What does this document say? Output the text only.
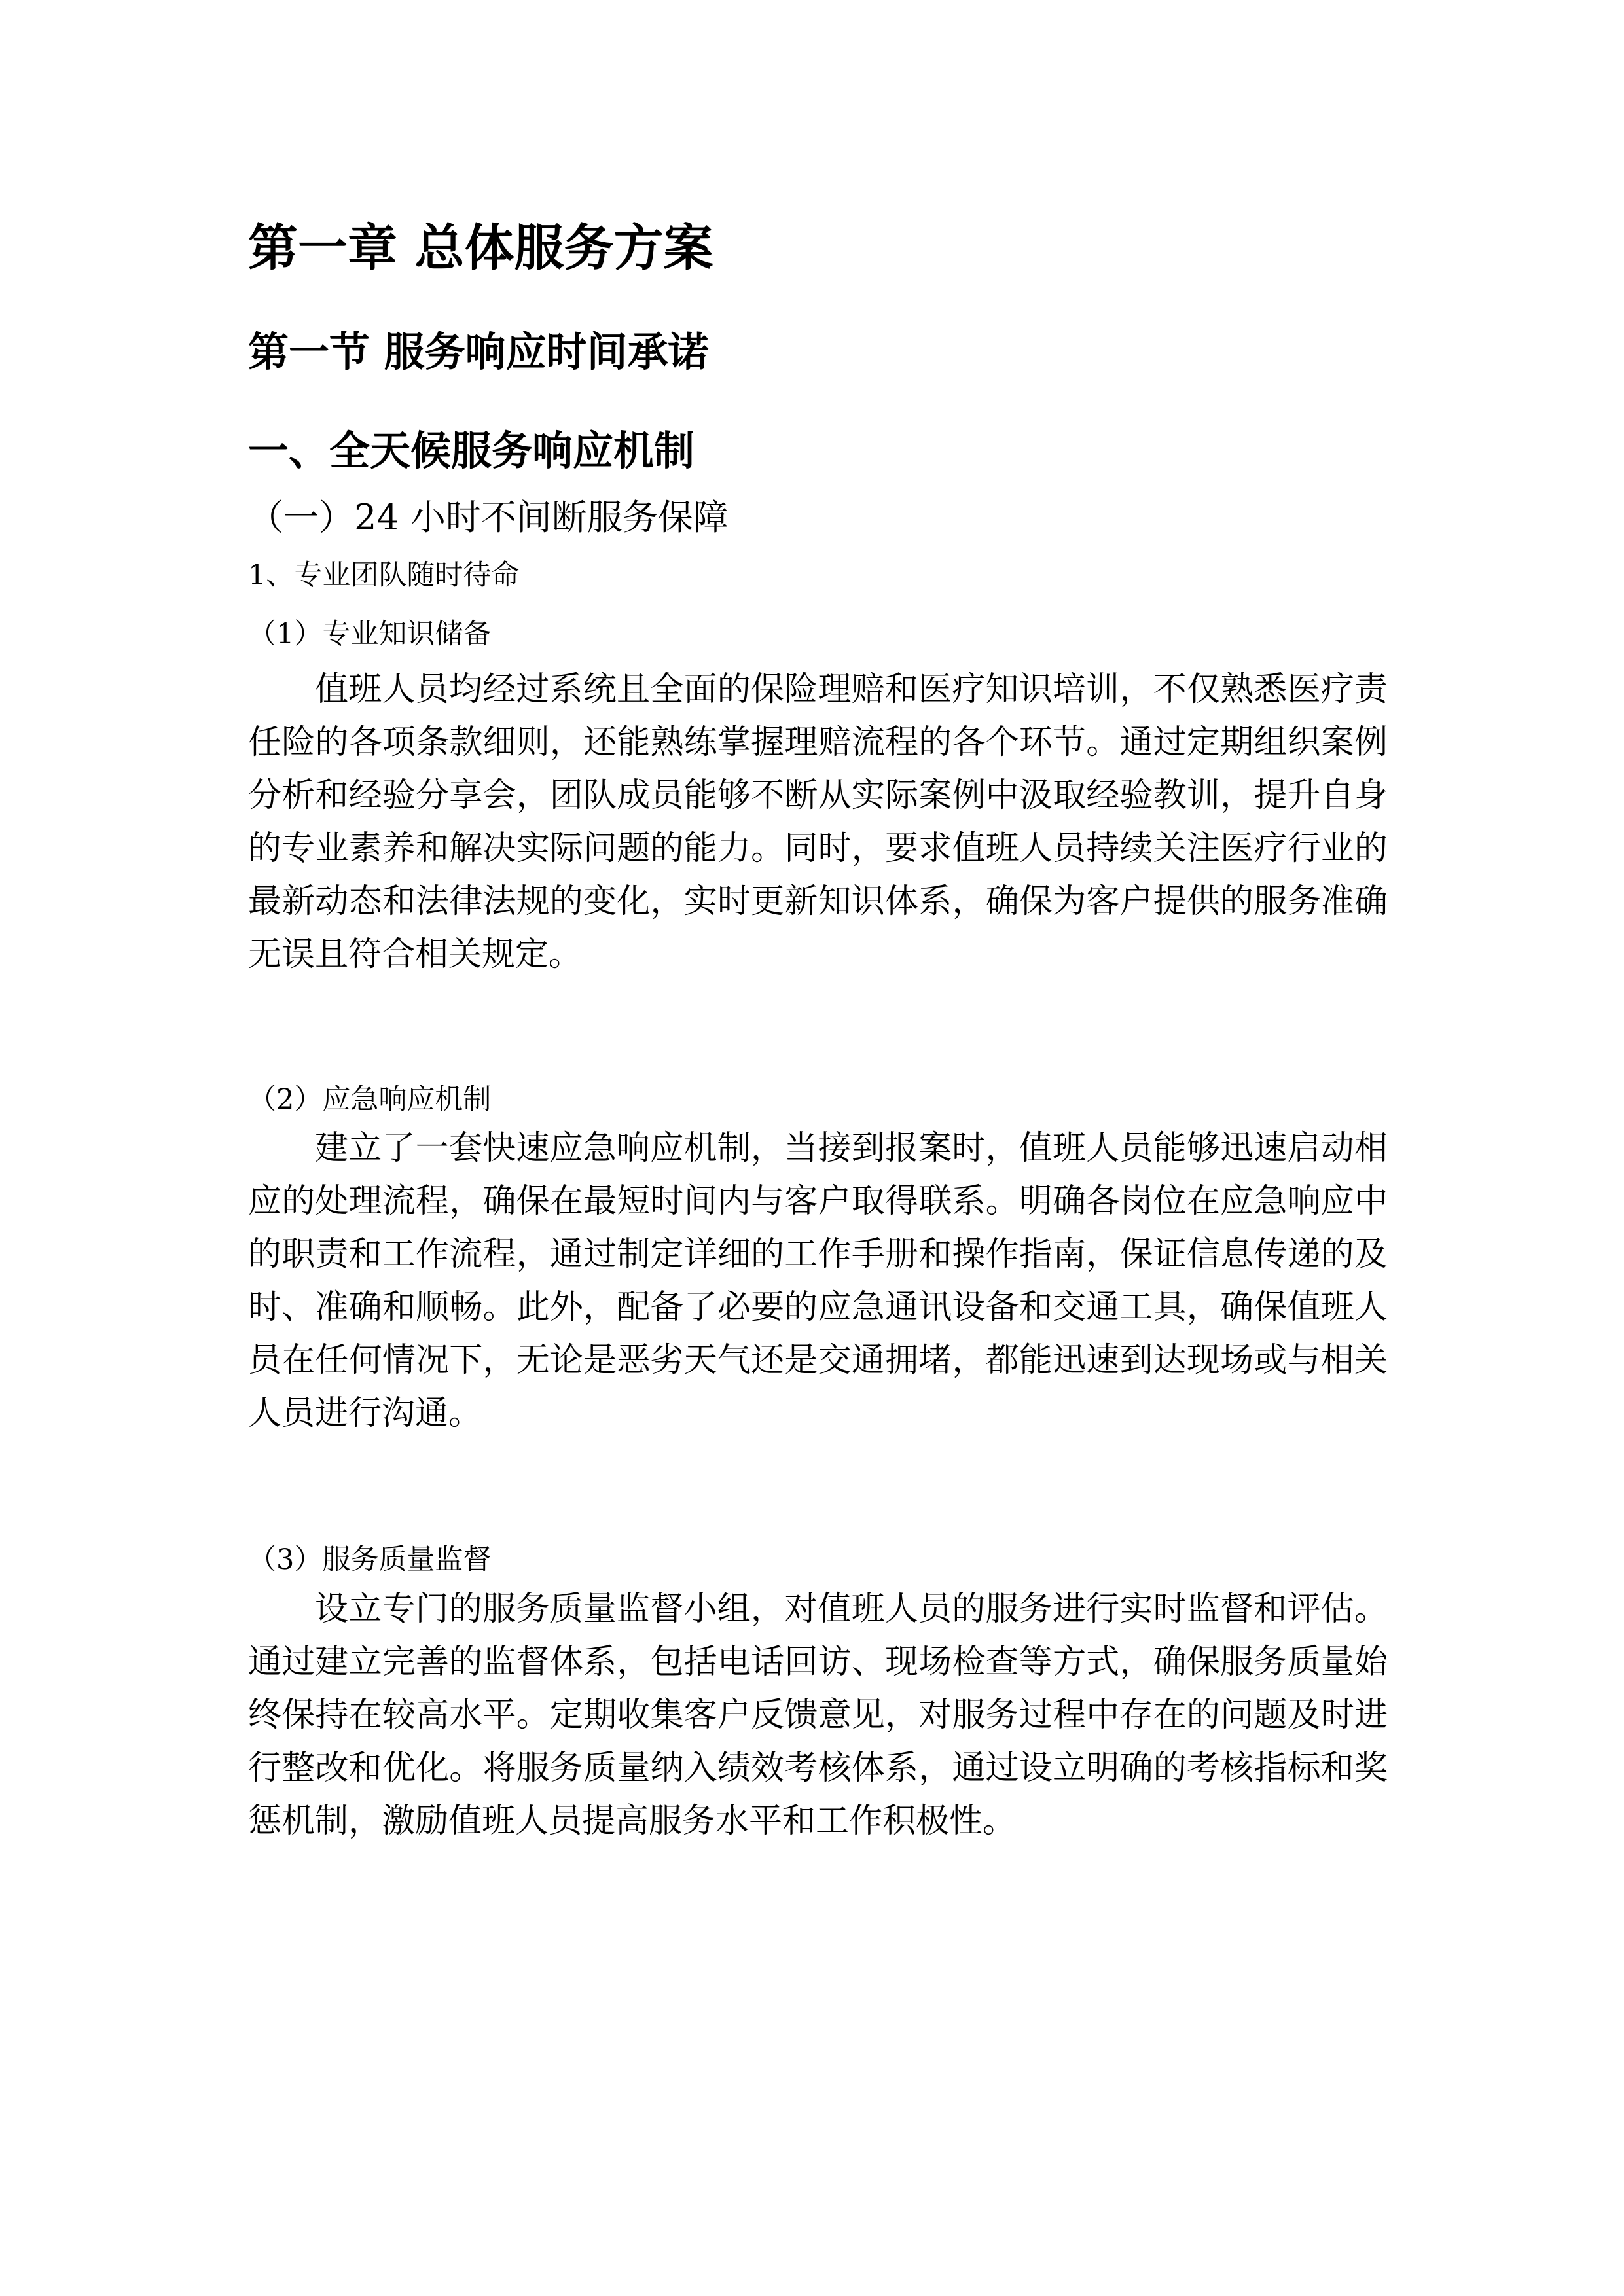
第一章 总体服务方案
第一节 服务响应时间承诺
一、全天候服务响应机制
（一）24 小时不间断服务保障
1、专业团队随时待命
（1）专业知识储备
值班人员均经过系统且全面的保险理赔和医疗知识培训，不仅熟悉医疗责
任险的各项条款细则，还能熟练掌握理赔流程的各个环节。通过定期组织案例
分析和经验分享会，团队成员能够不断从实际案例中汲取经验教训，提升自身
的专业素养和解决实际问题的能力。同时，要求值班人员持续关注医疗行业的
最新动态和法律法规的变化，实时更新知识体系，确保为客户提供的服务准确
无误且符合相关规定。
（2）应急响应机制
建立了一套快速应急响应机制，当接到报案时，值班人员能够迅速启动相
应的处理流程，确保在最短时间内与客户取得联系。明确各岗位在应急响应中
的职责和工作流程，通过制定详细的工作手册和操作指南，保证信息传递的及
时、准确和顺畅。此外，配备了必要的应急通讯设备和交通工具，确保值班人
员在任何情况下，无论是恶劣天气还是交通拥堵，都能迅速到达现场或与相关
人员进行沟通。
（3）服务质量监督
设立专门的服务质量监督小组，对值班人员的服务进行实时监督和评估。
通过建立完善的监督体系，包括电话回访、现场检查等方式，确保服务质量始
终保持在较高水平。定期收集客户反馈意见，对服务过程中存在的问题及时进
行整改和优化。将服务质量纳入绩效考核体系，通过设立明确的考核指标和奖
惩机制，激励值班人员提高服务水平和工作积极性。
